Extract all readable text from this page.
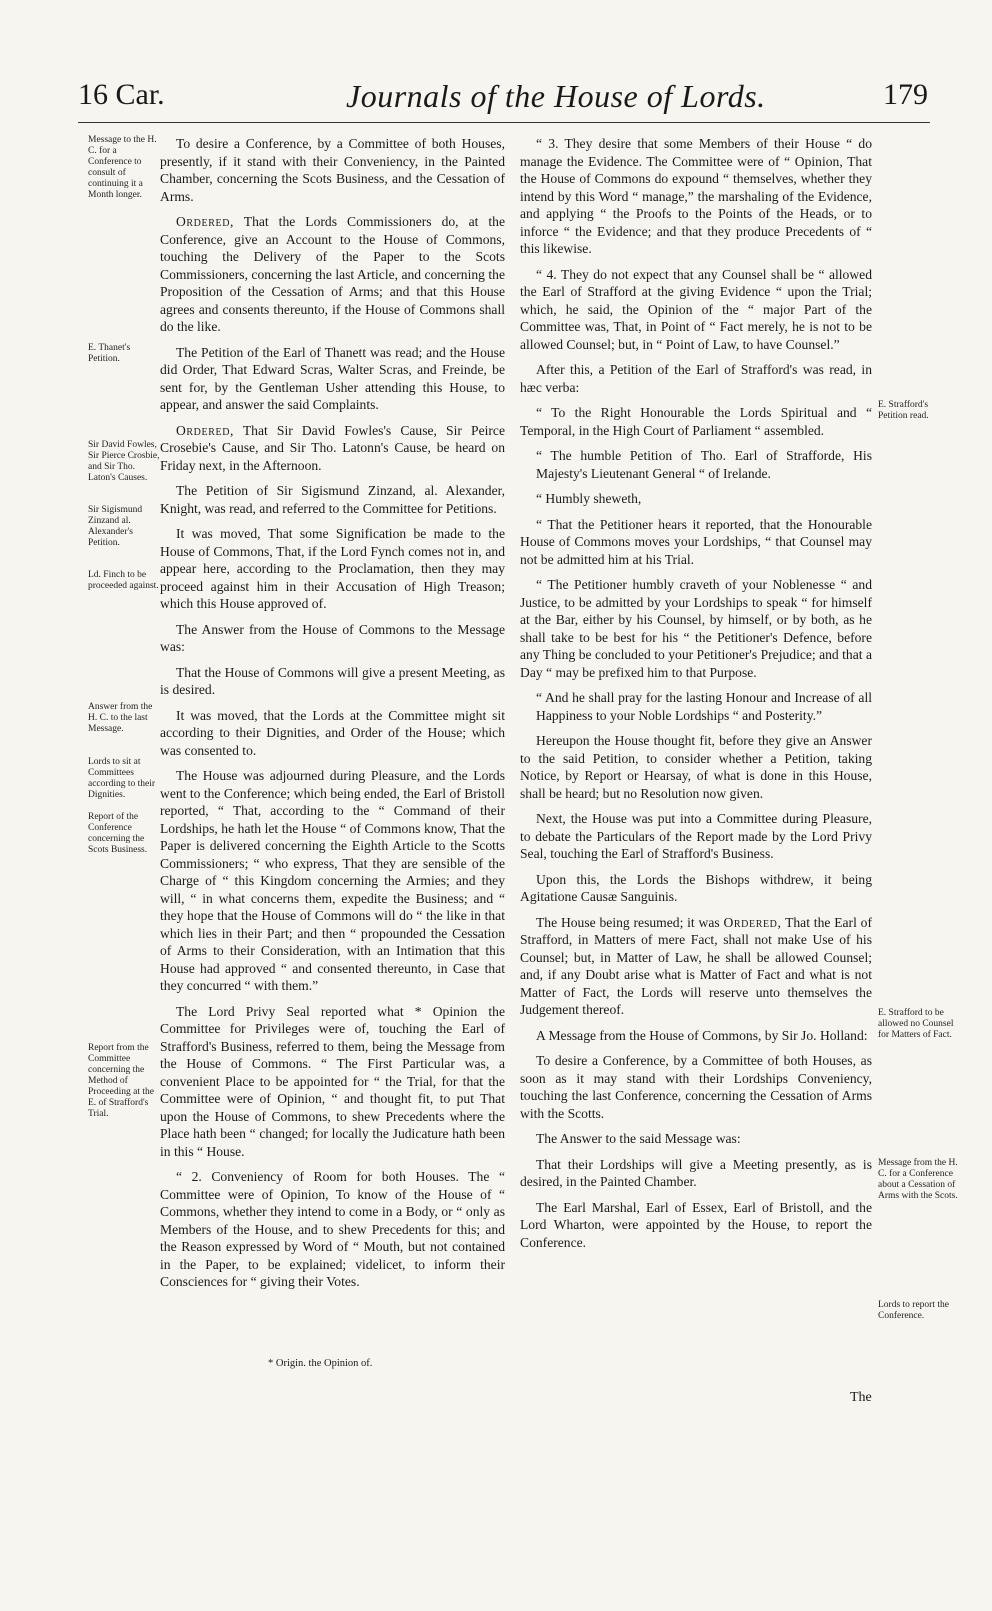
16 Car.	Journals of the House of Lords.	179
Message to the H. C. for a Conference to consult of continuing it a Month longer.
E. Thanet's Petition.
Sir David Fowles, Sir Pierce Crosbie, and Sir Tho. Laton's Causes.
Sir Sigismund Zinzand al. Alexander's Petition.
Ld. Finch to be proceeded against.
Answer from the H. C. to the last Message.
Lords to sit at Committees according to their Dignities.
Report of the Conference concerning the Scots Business.
Report from the Committee concerning the Method of Proceeding at the E. of Strafford's Trial.
E. Strafford's Petition read.
E. Strafford to be allowed no Counsel for Matters of Fact.
Message from the H. C. for a Conference about a Cessation of Arms with the Scots.
Lords to report the Conference.

To desire a Conference, by a Committee of both Houses, presently, if it stand with their Conveniency, in the Painted Chamber, concerning the Scots Business, and the Cessation of Arms.

Ordered, That the Lords Commissioners do, at the Conference, give an Account to the House of Commons, touching the Delivery of the Paper to the Scots Commissioners, concerning the last Article, and concerning the Proposition of the Cessation of Arms; and that this House agrees and consents thereunto, if the House of Commons shall do the like.

The Petition of the Earl of Thanett was read; and the House did Order, That Edward Scras, Walter Scras, and Freinde, be sent for, by the Gentleman Usher attending this House, to appear, and answer the said Complaints.

Ordered, That Sir David Fowles's Cause, Sir Peirce Crosebie's Cause, and Sir Tho. Latonn's Cause, be heard on Friday next, in the Afternoon.

The Petition of Sir Sigismund Zinzand, al. Alexander, Knight, was read, and referred to the Committee for Petitions.

It was moved, That some Signification be made to the House of Commons, That, if the Lord Fynch comes not in, and appear here, according to the Proclamation, then they may proceed against him in their Accusation of High Treason; which this House approved of.

The Answer from the House of Commons to the Message was:

That the House of Commons will give a present Meeting, as is desired.

It was moved, that the Lords at the Committee might sit according to their Dignities, and Order of the House; which was consented to.

The House was adjourned during Pleasure, and the Lords went to the Conference; which being ended, the Earl of Bristoll reported, “ That, according to the “ Command of their Lordships, he hath let the House “ of Commons know, That the Paper is delivered concerning the Eighth Article to the Scotts Commissioners; “ who express, That they are sensible of the Charge of “ this Kingdom concerning the Armies; and they will, “ in what concerns them, expedite the Business; and “ they hope that the House of Commons will do “ the like in that which lies in their Part; and then “ propounded the Cessation of Arms to their Consideration, with an Intimation that this House had approved “ and consented thereunto, in Case that they concurred “ with them.”

The Lord Privy Seal reported what * Opinion the Committee for Privileges were of, touching the Earl of Strafford's Business, referred to them, being the Message from the House of Commons. “ The First Particular was, a convenient Place to be appointed for “ the Trial, for that the Committee were of Opinion, “ and thought fit, to put That upon the House of Commons, to shew Precedents where the Place hath been “ changed; for locally the Judicature hath been in this “ House.

“ 2. Conveniency of Room for both Houses. The “ Committee were of Opinion, To know of the House of “ Commons, whether they intend to come in a Body, or “ only as Members of the House, and to shew Precedents for this; and the Reason expressed by Word of “ Mouth, but not contained in the Paper, to be explained; videlicet, to inform their Consciences for “ giving their Votes.

“ 3. They desire that some Members of their House “ do manage the Evidence. The Committee were of “ Opinion, That the House of Commons do expound “ themselves, whether they intend by this Word “ manage,” the marshaling of the Evidence, and applying “ the Proofs to the Points of the Heads, or to inforce “ the Evidence; and that they produce Precedents of “ this likewise.

“ 4. They do not expect that any Counsel shall be “ allowed the Earl of Strafford at the giving Evidence “ upon the Trial; which, he said, the Opinion of the “ major Part of the Committee was, That, in Point of “ Fact merely, he is not to be allowed Counsel; but, in “ Point of Law, to have Counsel.”

After this, a Petition of the Earl of Strafford's was read, in hæc verba:

“ To the Right Honourable the Lords Spiritual and “ Temporal, in the High Court of Parliament “ assembled.

“ The humble Petition of Tho. Earl of Strafforde, His Majesty's Lieutenant General “ of Irelande.

“ Humbly sheweth,

“ That the Petitioner hears it reported, that the Honourable House of Commons moves your Lordships, “ that Counsel may not be admitted him at his Trial.

“ The Petitioner humbly craveth of your Noblenesse “ and Justice, to be admitted by your Lordships to speak “ for himself at the Bar, either by his Counsel, by himself, or by both, as he shall take to be best for his “ the Petitioner's Defence, before any Thing be concluded to your Petitioner's Prejudice; and that a Day “ may be prefixed him to that Purpose.

“ And he shall pray for the lasting Honour and Increase of all Happiness to your Noble Lordships “ and Posterity.”

Hereupon the House thought fit, before they give an Answer to the said Petition, to consider whether a Petition, taking Notice, by Report or Hearsay, of what is done in this House, shall be heard; but no Resolution now given.

Next, the House was put into a Committee during Pleasure, to debate the Particulars of the Report made by the Lord Privy Seal, touching the Earl of Strafford's Business.

Upon this, the Lords the Bishops withdrew, it being Agitatione Causæ Sanguinis.

The House being resumed; it was Ordered, That the Earl of Strafford, in Matters of mere Fact, shall not make Use of his Counsel; but, in Matter of Law, he shall be allowed Counsel; and, if any Doubt arise what is Matter of Fact and what is not Matter of Fact, the Lords will reserve unto themselves the Judgement thereof.

A Message from the House of Commons, by Sir Jo. Holland:

To desire a Conference, by a Committee of both Houses, as soon as it may stand with their Lordships Conveniency, touching the last Conference, concerning the Cessation of Arms with the Scotts.

The Answer to the said Message was:

That their Lordships will give a Meeting presently, as is desired, in the Painted Chamber.

The Earl Marshal, Earl of Essex, Earl of Bristoll, and the Lord Wharton, were appointed by the House, to report the Conference.

* Origin. the Opinion of.
The
